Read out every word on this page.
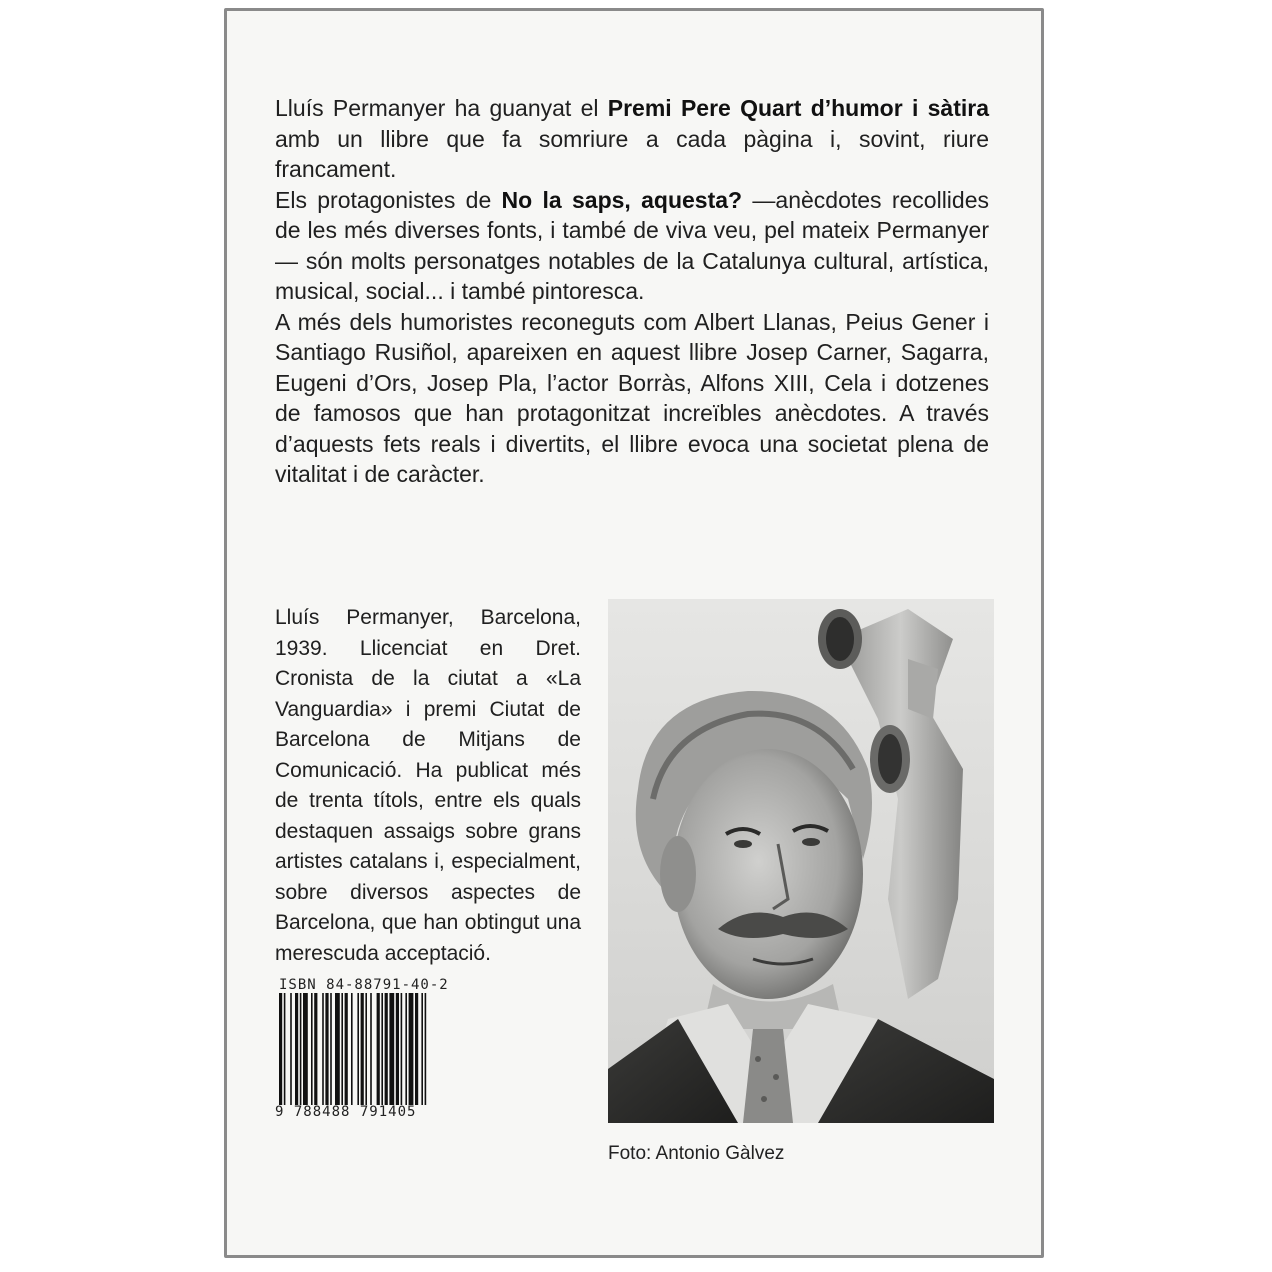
Lluís Permanyer ha guanyat el Premi Pere Quart d’humor i sàtira amb un llibre que fa somriure a cada pàgina i, sovint, riure francament.

Els protagonistes de No la saps, aquesta? —anècdotes recollides de les més diverses fonts, i també de viva veu, pel mateix Permanyer— són molts personatges notables de la Catalunya cultural, artística, musical, social... i també pintoresca.

A més dels humoristes reconeguts com Albert Llanas, Peius Gener i Santiago Rusiñol, apareixen en aquest llibre Josep Carner, Sagarra, Eugeni d’Ors, Josep Pla, l’actor Borràs, Alfons XIII, Cela i dotzenes de famosos que han protagonitzat increïbles anècdotes. A través d’aquests fets reals i divertits, el llibre evoca una societat plena de vitalitat i de caràcter.

Lluís Permanyer, Barcelona, 1939. Llicenciat en Dret. Cronista de la ciutat a «La Vanguardia» i premi Ciutat de Barcelona de Mitjans de Comunicació. Ha publicat més de trenta títols, entre els quals destaquen assaigs sobre grans artistes catalans i, especialment, sobre diversos aspectes de Barcelona, que han obtingut una merescuda acceptació.
Foto: Antonio Gàlvez
ISBN 84-88791-40-2
9 788488 791405
